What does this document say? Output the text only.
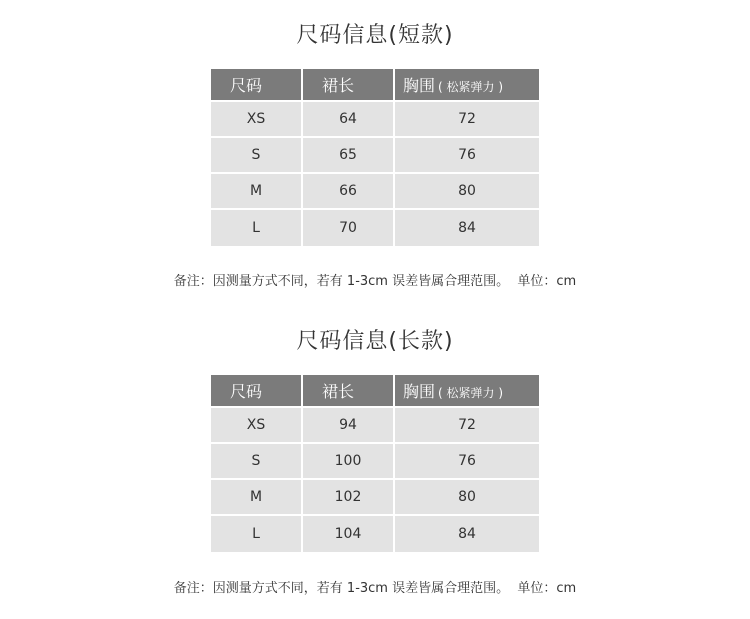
尺码信息(短款)
尺码	裙长	胸围 ( 松紧弹力 )
XS	64	72
S	65	76
M	66	80
L	70	84
备注：因测量方式不同，若有 1-3cm 误差皆属合理范围。  单位：cm
尺码信息(长款)
尺码	裙长	胸围 ( 松紧弹力 )
XS	94	72
S	100	76
M	102	80
L	104	84
备注：因测量方式不同，若有 1-3cm 误差皆属合理范围。  单位：cm
